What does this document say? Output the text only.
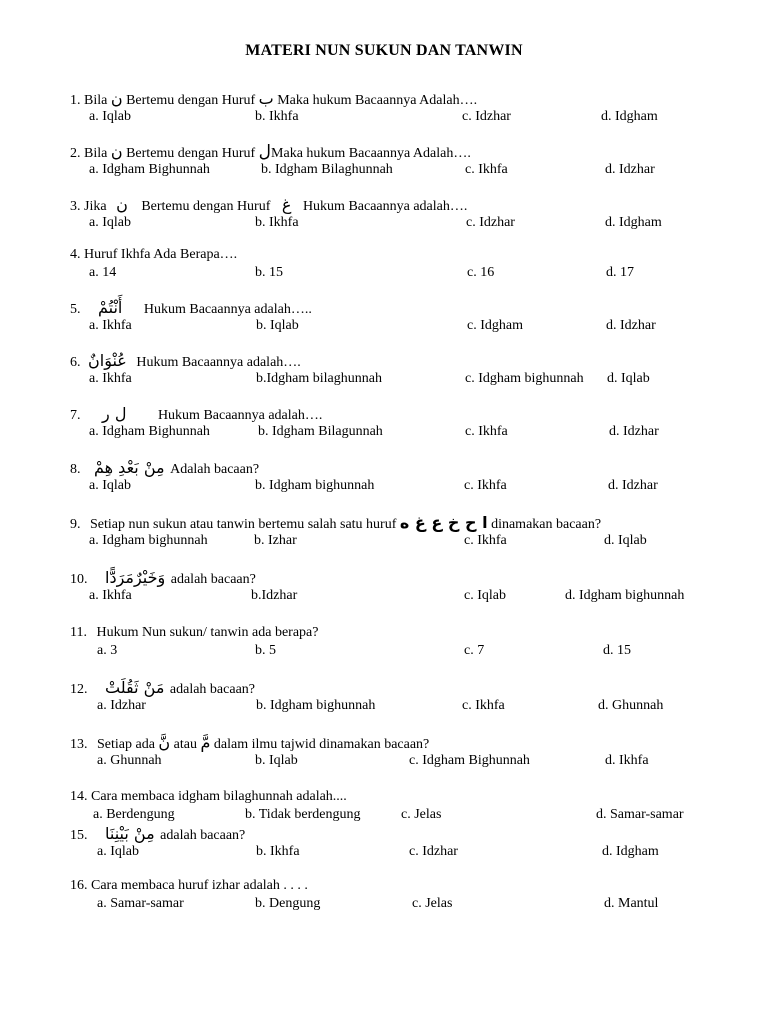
MATERI NUN SUKUN DAN TANWIN
1. Bila ن Bertemu dengan Huruf ب Maka hukum Bacaannya Adalah….
a. Iqlab	b. Ikhfa	c. Idzhar	d. Idgham
2. Bila ن Bertemu dengan Huruf لMaka hukum Bacaannya Adalah….
a. Idgham Bighunnah	b. Idgham Bilaghunnah	c. Ikhfa	d. Idzhar
3. Jika ن Bertemu dengan Huruf غ Hukum Bacaannya adalah….
a. Iqlab	b. Ikhfa	c. Idzhar	d. Idgham
4. Huruf Ikhfa Ada Berapa….
a. 14	b. 15	c. 16	d. 17
5. أَنْتُمْ Hukum Bacaannya adalah…..
a. Ikhfa	b. Iqlab	c. Idgham	d. Idzhar
6. عُنْوَانٌ Hukum Bacaannya adalah….
a. Ikhfa	b.Idgham bilaghunnah	c. Idgham bighunnah d. Iqlab
7. ل ر Hukum Bacaannya adalah….
a. Idgham Bighunnah	b. Idgham Bilagunnah	c. Ikhfa	d. Idzhar
8. مِنْ بَعْدِ هِمْ Adalah bacaan?
a. Iqlab	b. Idgham bighunnah	c. Ikhfa	d. Idzhar
9. Setiap nun sukun atau tanwin bertemu salah satu huruf ا ح خ ع غ ه dinamakan bacaan?
a. Idgham bighunnah	b. Izhar	c. Ikhfa	d. Iqlab
10. وَخَيْرٌمَرَدًّا adalah bacaan?
a. Ikhfa	b.Idzhar	c. Iqlab	d. Idgham bighunnah
11. Hukum Nun sukun/ tanwin ada berapa?
a. 3	b. 5	c. 7	d. 15
12. مَنْ ثَقُلَتْ adalah bacaan?
a. Idzhar	b. Idgham bighunnah	c. Ikhfa	d. Ghunnah
13. Setiap ada نَّ atau مَّ dalam ilmu tajwid dinamakan bacaan?
a. Ghunnah	b. Iqlab	c. Idgham Bighunnah	d. Ikhfa
14. Cara membaca idgham bilaghunnah adalah....
a. Berdengung	b. Tidak berdengung	c. Jelas	d. Samar-samar
15. مِنْ بَيْنِنَا adalah bacaan?
a. Iqlab	b. Ikhfa	c. Idzhar	d. Idgham
16. Cara membaca huruf izhar adalah . . . .
a. Samar-samar	b. Dengung	c. Jelas	d. Mantul
